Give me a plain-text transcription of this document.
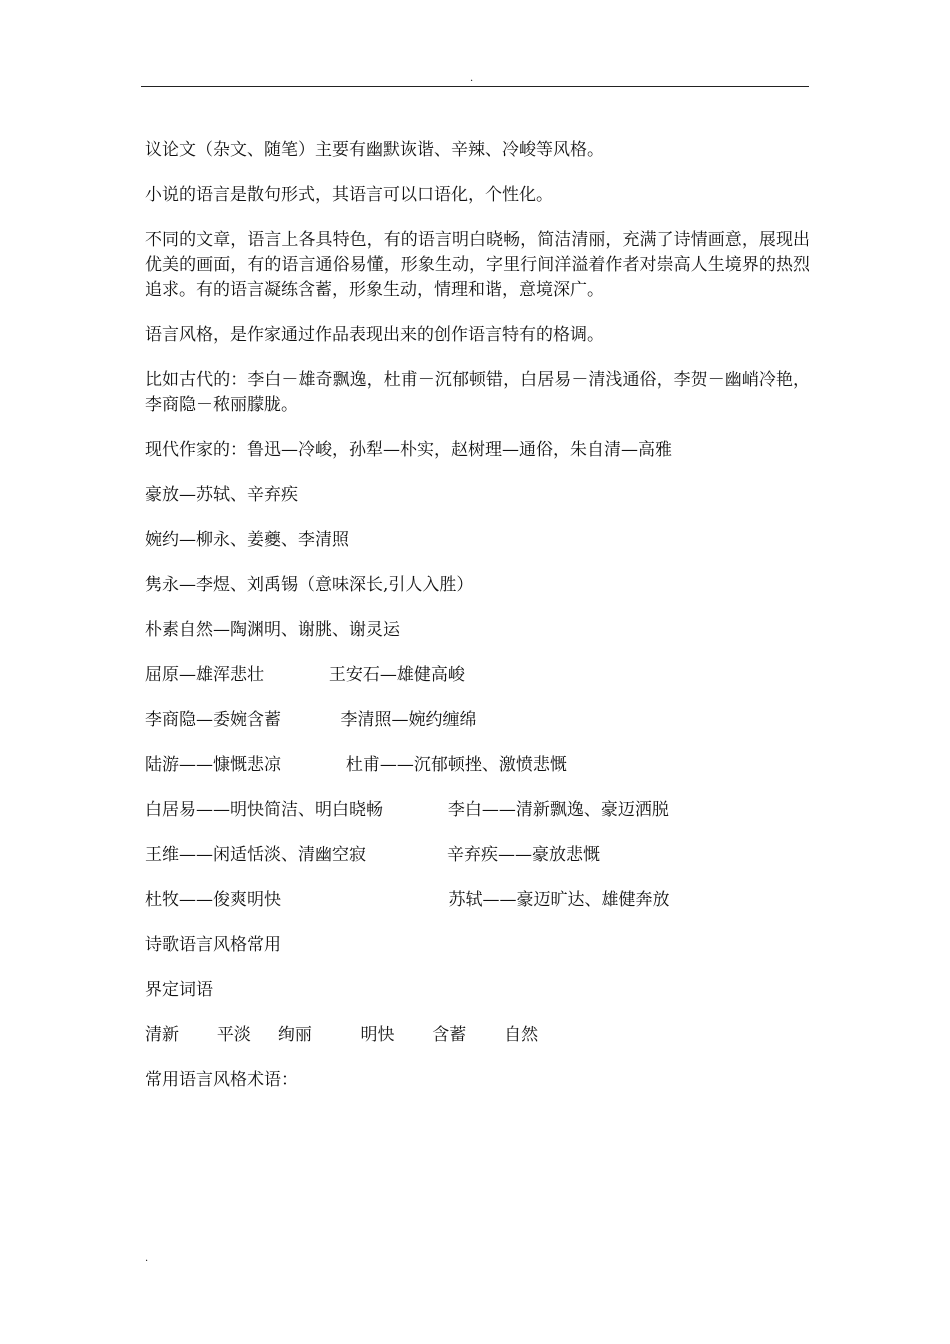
.

议论文（杂文、随笔）主要有幽默诙谐、辛辣、冷峻等风格。

小说的语言是散句形式，其语言可以口语化，个性化。

不同的文章，语言上各具特色，有的语言明白晓畅，简洁清丽，充满了诗情画意，展现出优美的画面，有的语言通俗易懂，形象生动，字里行间洋溢着作者对崇高人生境界的热烈追求。有的语言凝练含蓄，形象生动，情理和谐，意境深广。

语言风格，是作家通过作品表现出来的创作语言特有的格调。

比如古代的：李白－雄奇飘逸，杜甫－沉郁顿错，白居易－清浅通俗，李贺－幽峭冷艳，李商隐－秾丽朦胧。

现代作家的：鲁迅—冷峻，孙犁—朴实，赵树理—通俗，朱自清—高雅

豪放—苏轼、辛弃疾

婉约—柳永、姜夔、李清照

隽永—李煜、刘禹锡（意味深长,引人入胜）

朴素自然—陶渊明、谢朓、谢灵运

屈原—雄浑悲壮            王安石—雄健高峻

李商隐—委婉含蓄           李清照—婉约缠绵

陆游——慷慨悲凉            杜甫——沉郁顿挫、激愤悲慨

白居易——明快简洁、明白晓畅            李白——清新飘逸、豪迈洒脱

王维——闲适恬淡、清幽空寂               辛弃疾——豪放悲慨

杜牧——俊爽明快                               苏轼——豪迈旷达、雄健奔放

诗歌语言风格常用

界定词语

清新       平淡     绚丽         明快       含蓄       自然

常用语言风格术语：

.
